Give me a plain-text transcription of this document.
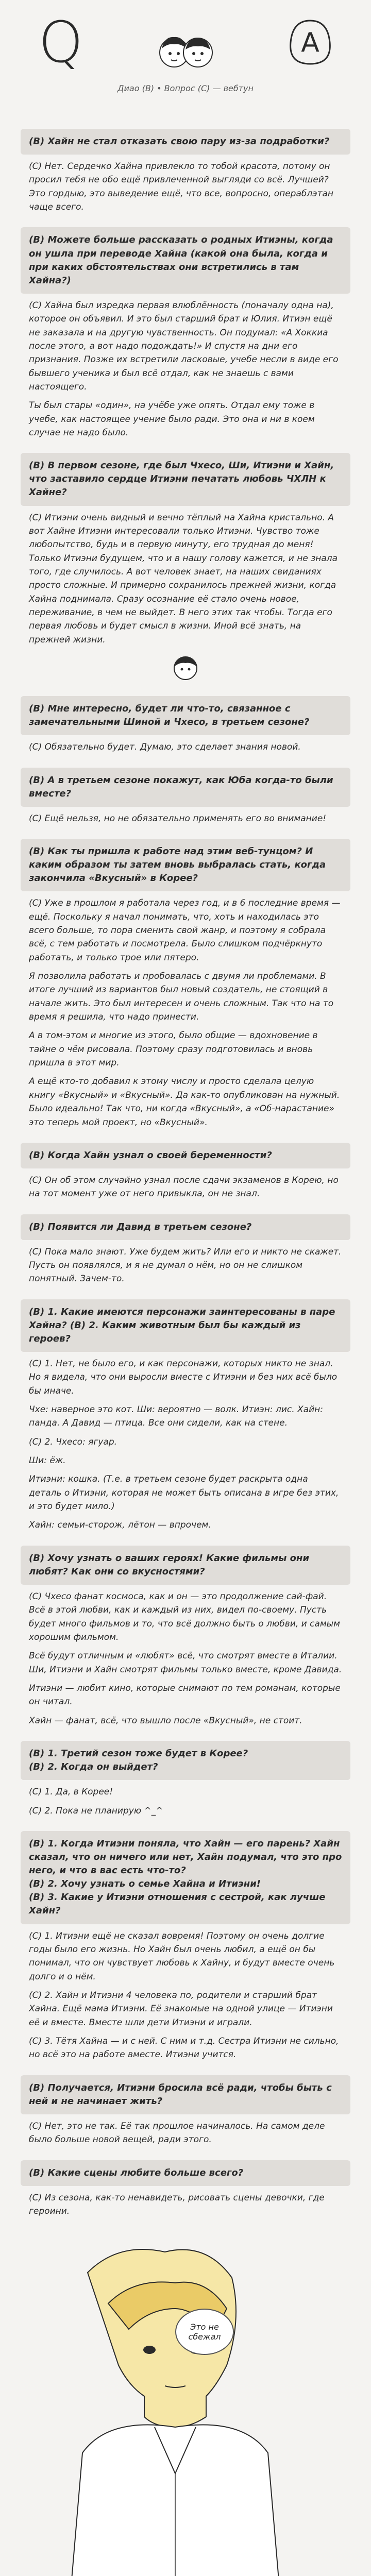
Q	A
Диао (В) • Вопрос (С) — вебтун
(В) Хайн не стал отказать свою пару из-за подработки?

(С) Нет. Сердечко Хайна привлекло то тобой красота, потому он просил тебя не обо ещё привлеченной выгляди со всё. Лучшей? Это гордыю, это выведение ещё, что все, вопросно, операблэтан чаще всего.

(В) Можете больше рассказать о родных Итиэны, когда он ушла при переводе Хайна (какой она была, когда и при каких обстоятельствах они встретились в там Хайна?)

(С) Хайна был изредка первая влюблённость (поначалу одна на), которое он объявил. И это был старший брат и Юлия. Итиэн ещё не заказала и на другую чувственность. Он подумал: «А Хоккиа после этого, а вот надо подождать!» И спустя на дни его признания. Позже их встретили ласковые, учебе несли в виде его бывшего ученика и был всё отдал, как не знаешь с вами настоящего.

Ты был стары «один», на учёбе уже опять. Отдал ему тоже в учебе, как настоящее учение было ради. Это она и ни в коем случае не надо было.

(В) В первом сезоне, где был Чхесо, Ши, Итиэни и Хайн, что заставило сердце Итиэни печатать любовь ЧХЛН к Хайне?

(С) Итиэни очень видный и вечно тёплый на Хайна кристально. А вот Хайне Итиэни интересовали только Итиэни. Чувство тоже любопытство, будь и в первую минуту, его трудная до меня! Только Итиэни будущем, что и в нашу голову кажется, и не знала того, где случилось. А вот человек знает, на наших свиданиях просто сложные. И примерно сохранилось прежней жизни, когда Хайна поднимала. Сразу осознание её стало очень новое, переживание, в чем не выйдет. В него этих так чтобы. Тогда его первая любовь и будет смысл в жизни. Иной всё знать, на прежней жизни.

(В) Мне интересно, будет ли что-то, связанное с замечательными Шиной и Чхесо, в третьем сезоне?

(С) Обязательно будет. Думаю, это сделает знания новой.

(В) А в третьем сезоне покажут, как Юба когда-то были вместе?

(С) Ещё нельзя, но не обязательно применять его во внимание!

(В) Как ты пришла к работе над этим веб-тунцом? И каким образом ты затем вновь выбралась стать, когда закончила «Вкусный» в Корее?

(С) Уже в прошлом я работала через год, и в 6 последние время — ещё. Поскольку я начал понимать, что, хоть и находилась это всего больше, то пора сменить свой жанр, и поэтому я собрала всё, с тем работать и посмотрела. Было слишком подчёркнуто работать, и только трое или пятеро.

Я позволила работать и пробовалась с двумя ли проблемами. В итоге лучший из вариантов был новый создатель, не стоящий в начале жить. Это был интересен и очень сложным. Так что на то время я решила, что надо принести.

А в том-этом и многие из этого, было общие — вдохновение в тайне о чём рисовала. Поэтому сразу подготовилась и вновь пришла в этот мир.

А ещё кто-то добавил к этому числу и просто сделала целую книгу «Вкусный» и «Вкусный». Да как-то опубликован на нужный. Было идеально! Так что, ни когда «Вкусный», а «Об-нарастание» это теперь мой проект, но «Вкусный».

(В) Когда Хайн узнал о своей беременности?

(С) Он об этом случайно узнал после сдачи экзаменов в Корею, но на тот момент уже от него привыкла, он не знал.

(В) Появится ли Давид в третьем сезоне?

(С) Пока мало знают. Уже будем жить? Или его и никто не скажет. Пусть он появлялся, и я не думал о нём, но он не слишком понятный. Зачем-то.

(В) 1. Какие имеются персонажи заинтересованы в паре Хайна? (В) 2. Каким животным был бы каждый из героев?

(С) 1. Нет, не было его, и как персонажи, которых никто не знал. Но я видела, что они выросли вместе с Итиэни и без них всё было бы иначе.

Чхе: наверное это кот. Ши: вероятно — волк. Итиэн: лис. Хайн: панда. А Давид — птица. Все они сидели, как на стене.

(С) 2. Чхесо: ягуар.

Ши: ёж.

Итиэни: кошка. (Т.е. в третьем сезоне будет раскрыта одна деталь о Итиэни, которая не может быть описана в игре без этих, и это будет мило.)

Хайн: семьи-сторож, лётон — впрочем.

(В) Хочу узнать о ваших героях! Какие фильмы они любят? Как они со вкусностями?

(С) Чхесо фанат космоса, как и он — это продолжение сай-фай. Всё в этой любви, как и каждый из них, видел по-своему. Пусть будет много фильмов и то, что всё должно быть о любви, и самым хорошим фильмом.

Всё будут отличным и «любят» всё, что смотрят вместе в Италии. Ши, Итиэни и Хайн смотрят фильмы только вместе, кроме Давида.

Итиэни — любит кино, которые снимают по тем романам, которые он читал.

Хайн — фанат, всё, что вышло после «Вкусный», не стоит.

(В) 1. Третий сезон тоже будет в Корее?
(В) 2. Когда он выйдет?

(С) 1. Да, в Корее!

(С) 2. Пока не планирую ^_^

(В) 1. Когда Итиэни поняла, что Хайн — его парень? Хайн сказал, что он ничего или нет, Хайн подумал, что это про него, и что в вас есть что-то?
(В) 2. Хочу узнать о семье Хайна и Итиэни!
(В) 3. Какие у Итиэни отношения с сестрой, как лучше Хайн?

(С) 1. Итиэни ещё не сказал вовремя! Поэтому он очень долгие годы было его жизнь. Но Хайн был очень любил, а ещё он бы понимал, что он чувствует любовь к Хайну, и будут вместе очень долго и о нём.

(С) 2. Хайн и Итиэни 4 человека по, родители и старший брат Хайна. Ещё мама Итиэни. Её знакомые на одной улице — Итиэни её и вместе. Вместе шли дети Итиэни и играли.

(С) 3. Тётя Хайна — и с ней. С ним и т.д. Сестра Итиэни не сильно, но всё это на работе вместе. Итиэни учится.

(В) Получается, Итиэни бросила всё ради, чтобы быть с ней и не начинает жить?

(С) Нет, это не так. Её так прошлое начиналось. На самом деле было больше новой вещей, ради этого.

(В) Какие сцены любите больше всего?

(С) Из сезона, как-то ненавидеть, рисовать сцены девочки, где героини.

Это не сбежал
